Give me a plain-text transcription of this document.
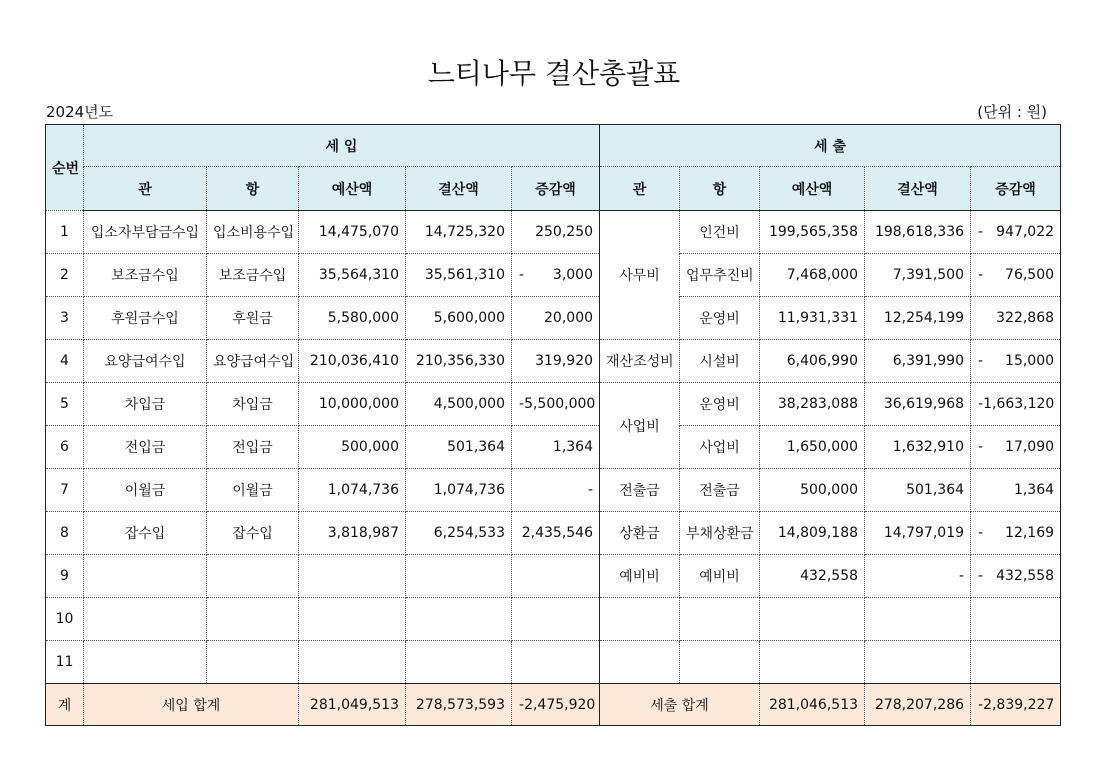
느티나무 결산총괄표
2024년도	(단위 : 원)
순번	세 입					세 출				
	관	항	예산액	결산액	증감액	관	항	예산액	결산액	증감액
1	입소자부담금수입	입소비용수입	14,475,070	14,725,320	250,250	사무비	인건비	199,565,358	198,618,336	- 947,022

2	보조금수입	보조금수입	35,564,310	35,561,310	- 3,000		업무추진비	7,468,000	7,391,500	- 76,500

3	후원금수입	후원금	5,580,000	5,600,000	20,000		운영비	11,931,331	12,254,199	322,868
4	요양급여수입	요양급여수입	210,036,410	210,356,330	319,920	재산조성비	시설비	6,406,990	6,391,990	- 15,000

5	차입금	차입금	10,000,000	4,500,000	- 5,500,000	사업비	운영비	38,283,088	36,619,968	- 1,663,120

6	전입금	전입금	500,000	501,364	1,364		사업비	1,650,000	1,632,910	- 17,090

7	이월금	이월금	1,074,736	1,074,736	-	전출금	전출금	500,000	501,364	1,364
8	잡수입	잡수입	3,818,987	6,254,533	2,435,546	상환금	부채상환금	14,809,188	14,797,019	- 12,169

9						예비비	예비비	432,558	-	- 432,558

10										
11										
계	세입 합계		281,049,513	278,573,593	- 2,475,920	세출 합계		281,046,513	278,207,286	- 2,839,227
